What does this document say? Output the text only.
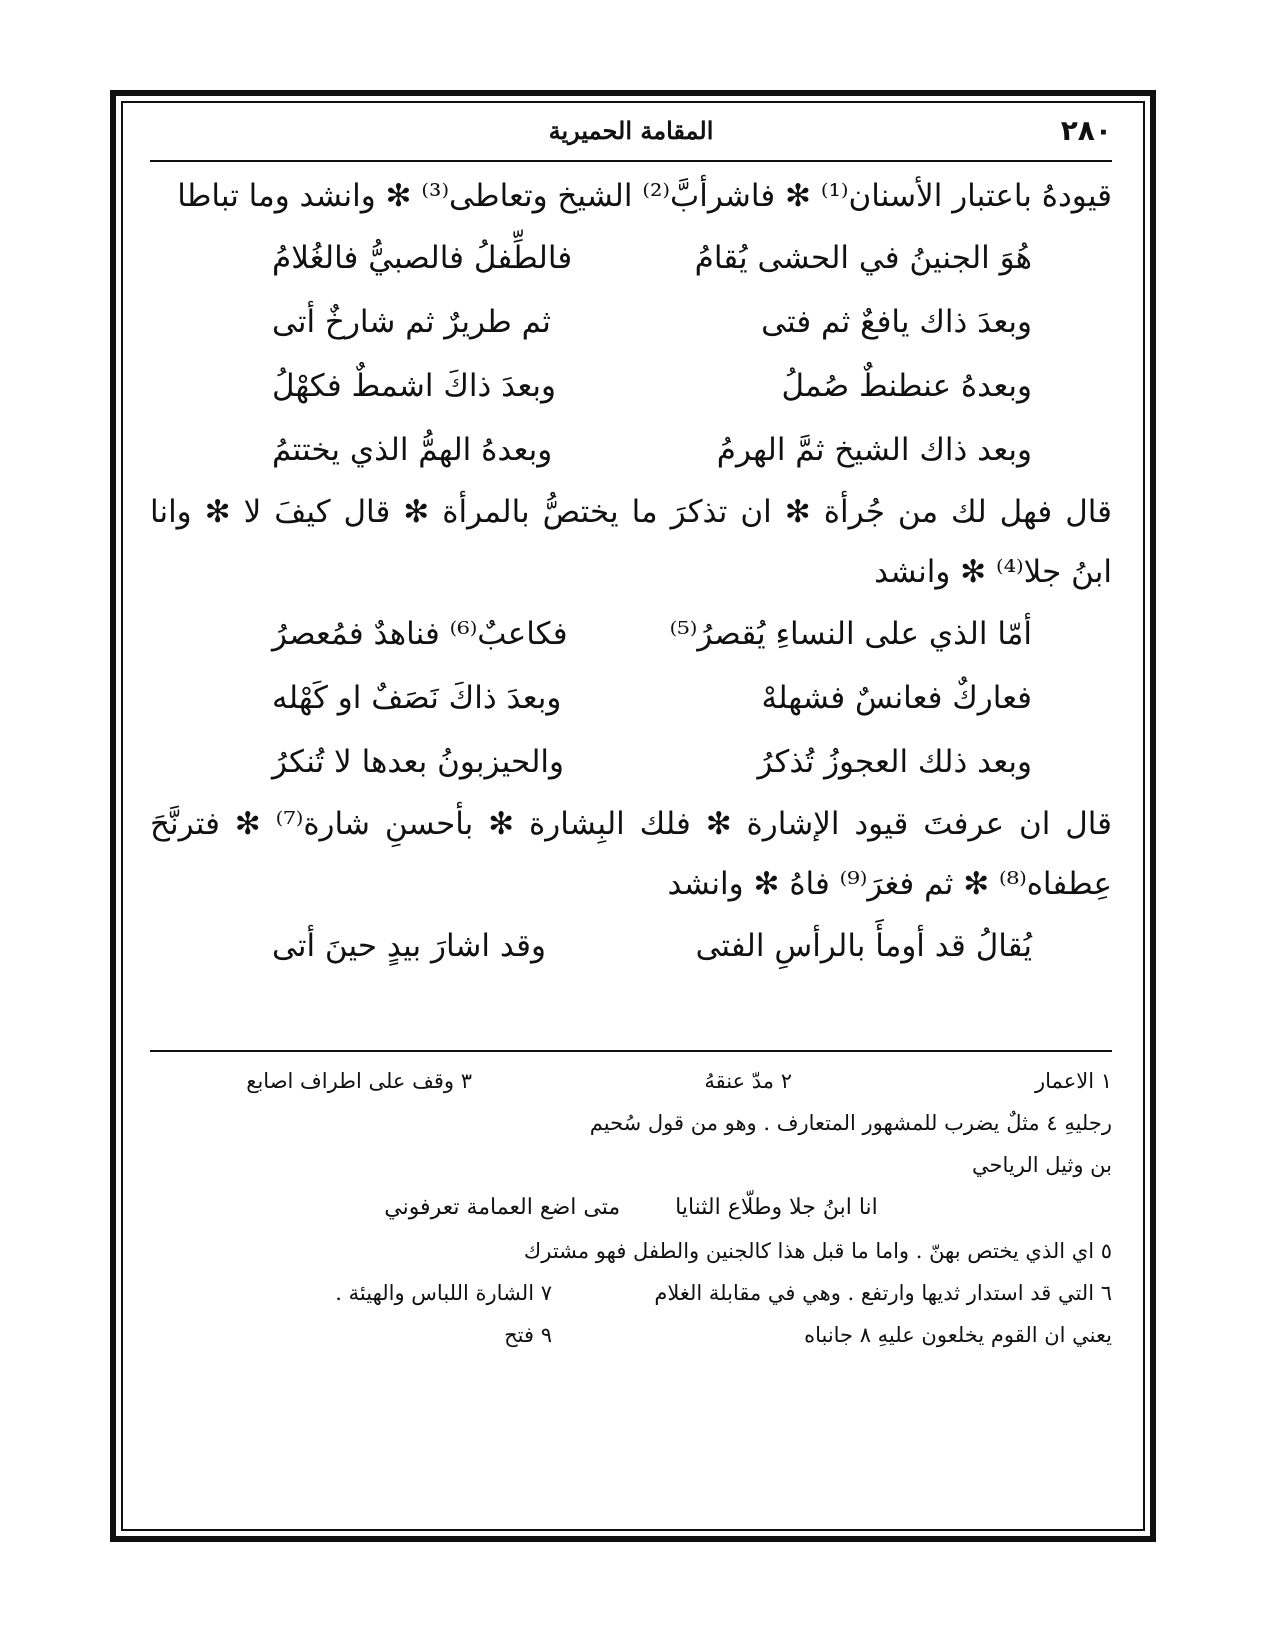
٢٨٠
المقامة الحميرية

قيودهُ باعتبار الأسنان⁽¹⁾ ✻ فاشرأبَّ⁽²⁾ الشيخ وتعاطى⁽³⁾ ✻ وانشد وما تباطا

هُوَ الجنينُ في الحشى يُقامُ
فالطِّفلُ فالصبيُّ فالغُلامُ
وبعدَ ذاك يافعٌ ثم فتى
ثم طريرٌ ثم شارخٌ أتى
وبعدهُ عنطنطٌ صُملُ
وبعدَ ذاكَ اشمطٌ فكهْلُ
وبعد ذاك الشيخ ثمَّ الهرمُ
وبعدهُ الهمُّ الذي يختتمُ

قال فهل لك من جُرأة ✻ ان تذكرَ ما يختصُّ بالمرأة ✻ قال كيفَ لا ✻ وانا ابنُ جلا⁽⁴⁾ ✻ وانشد

أمّا الذي على النساءِ يُقصرُ⁽⁵⁾
فكاعبٌ⁽⁶⁾ فناهدٌ فمُعصرُ
فعاركٌ فعانسٌ فشهلهْ
وبعدَ ذاكَ نَصَفٌ او كَهْله
وبعد ذلك العجوزُ تُذكرُ
والحيزبونُ بعدها لا تُنكرُ

قال ان عرفتَ قيود الإشارة ✻ فلك البِشارة ✻ بأحسنِ شارة⁽⁷⁾ ✻ فترنَّحَ عِطفاه⁽⁸⁾ ✻ ثم فغرَ⁽⁹⁾ فاهُ ✻ وانشد

يُقالُ قد أومأَ بالرأسِ الفتى
وقد اشارَ بيدٍ حينَ أتى
١ الاعمار
٢ مدّ عنقهُ
٣ وقف على اطراف اصابع
رجليهِ ٤ مثلٌ يضرب للمشهور المتعارف . وهو من قول سُحيم
بن وثيل الرياحي
انا ابنُ جلا وطلّاع الثنايا متى اضع العمامة تعرفوني
٥ اي الذي يختص بهنّ . واما ما قبل هذا كالجنين والطفل فهو مشترك
٦ التي قد استدار ثديها وارتفع . وهي في مقابلة الغلام
٧ الشارة اللباس والهيئة .
يعني ان القوم يخلعون عليهِ ٨ جانباه
٩ فتح
